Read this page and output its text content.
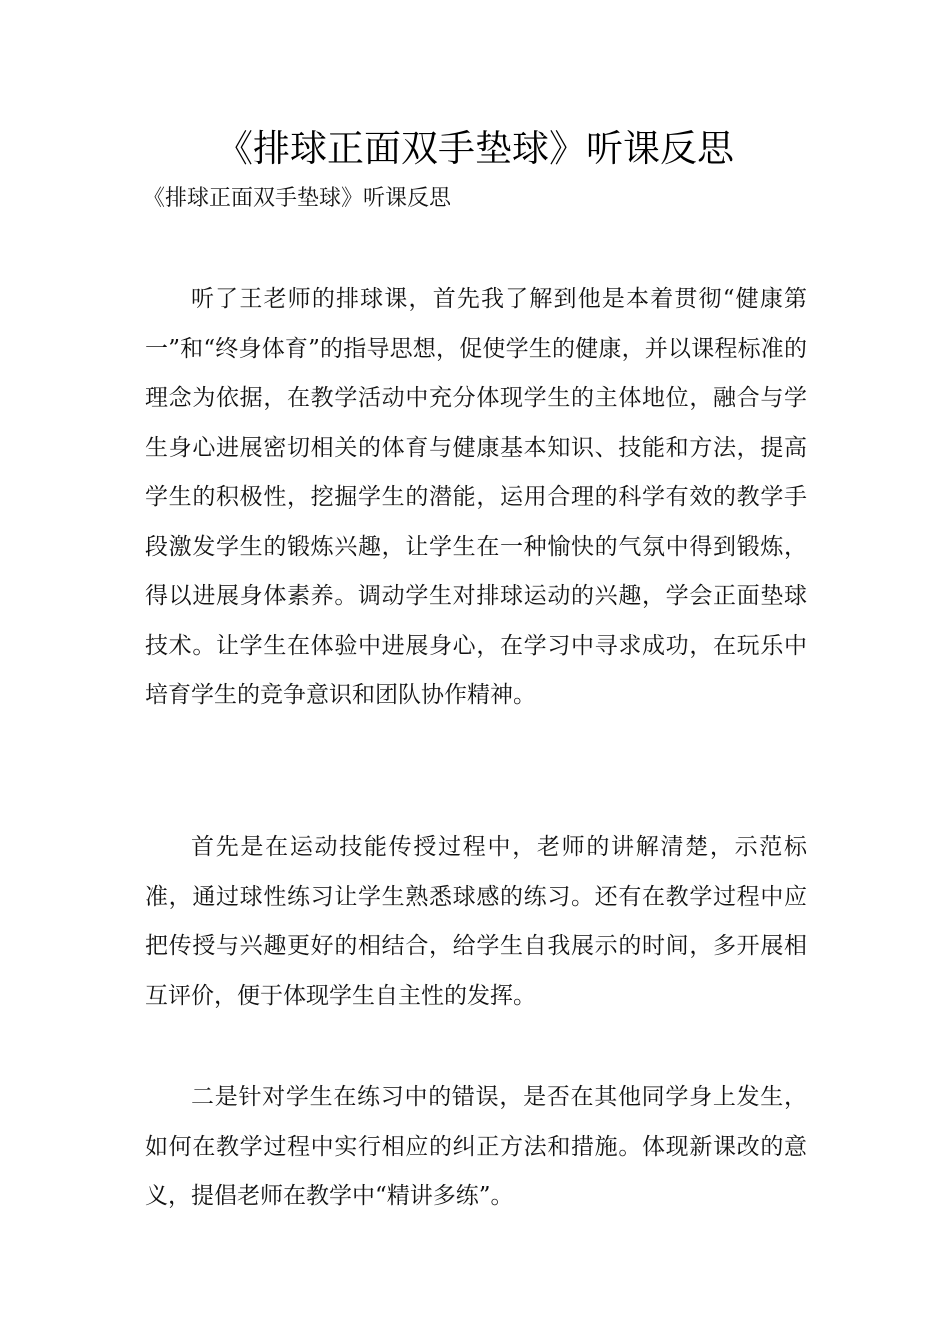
《排球正面双手垫球》听课反思

《排球正面双手垫球》听课反思

听了王老师的排球课，首先我了解到他是本着贯彻“健康第一”和“终身体育”的指导思想，促使学生的健康，并以课程标准的理念为依据，在教学活动中充分体现学生的主体地位，融合与学生身心进展密切相关的体育与健康基本知识、技能和方法，提高学生的积极性，挖掘学生的潜能，运用合理的科学有效的教学手段激发学生的锻炼兴趣，让学生在一种愉快的气氛中得到锻炼，得以进展身体素养。调动学生对排球运动的兴趣，学会正面垫球技术。让学生在体验中进展身心，在学习中寻求成功，在玩乐中培育学生的竞争意识和团队协作精神。

首先是在运动技能传授过程中，老师的讲解清楚，示范标准，通过球性练习让学生熟悉球感的练习。还有在教学过程中应把传授与兴趣更好的相结合，给学生自我展示的时间，多开展相互评价，便于体现学生自主性的发挥。

二是针对学生在练习中的错误，是否在其他同学身上发生，如何在教学过程中实行相应的纠正方法和措施。体现新课改的意义，提倡老师在教学中“精讲多练”。
